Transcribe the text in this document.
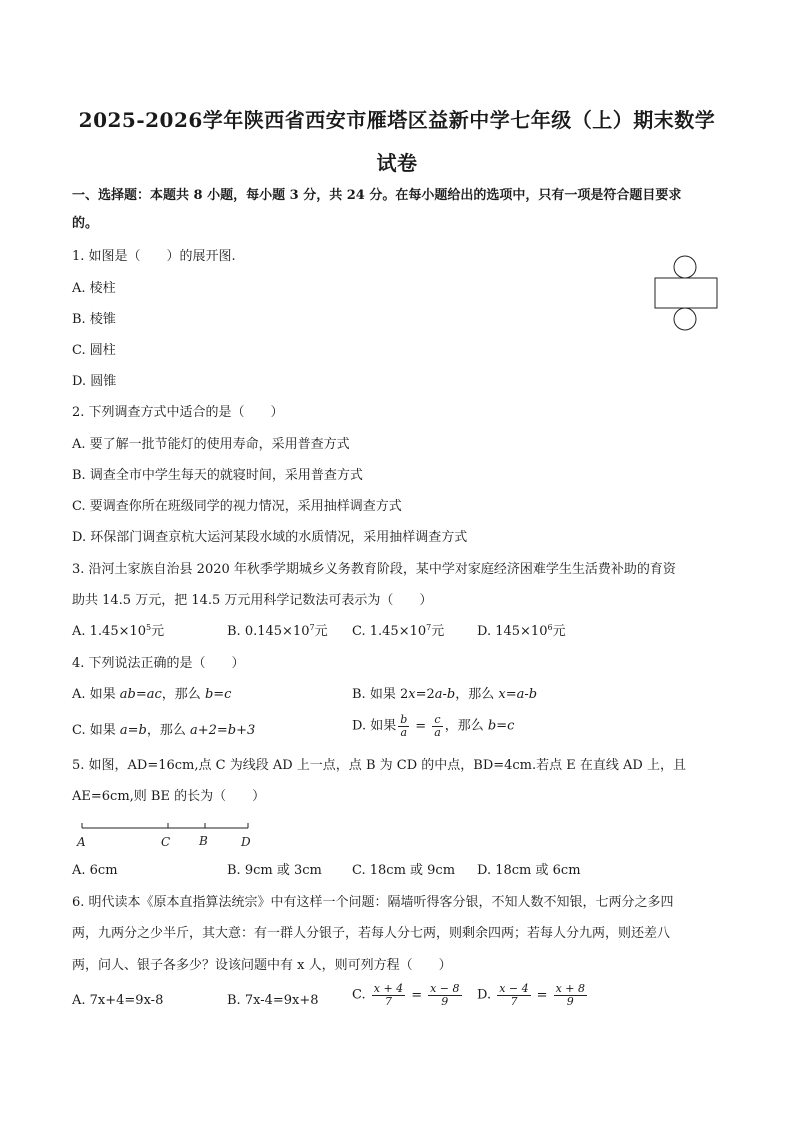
2025-2026学年陕西省西安市雁塔区益新中学七年级（上）期末数学
试卷
一、选择题：本题共 8 小题，每小题 3 分，共 24 分。在每小题给出的选项中，只有一项是符合题目要求
的。
1. 如图是（　　）的展开图.
A. 棱柱
B. 棱锥
C. 圆柱
D. 圆锥
2. 下列调查方式中适合的是（　　）
A. 要了解一批节能灯的使用寿命，采用普查方式
B. 调查全市中学生每天的就寝时间，采用普查方式
C. 要调查你所在班级同学的视力情况，采用抽样调查方式
D. 环保部门调查京杭大运河某段水域的水质情况，采用抽样调查方式
3. 沿河土家族自治县 2020 年秋季学期城乡义务教育阶段，某中学对家庭经济困难学生生活费补助的育资
助共 14.5 万元，把 14.5 万元用科学记数法可表示为（　　）
A. $1.45\times 10^5$元	B. $0.145\times 10^7$元 C. $1.45\times 10^7$元	D. $145\times 10^6$元
4. 下列说法正确的是（　　）
A. 如果 ab=ac，那么 b=c	B. 如果 2x=2a-b，那么 x=a-b
C. 如果 a=b，那么 a+2=b+3	D. 如果 $\frac{b}{a} = \frac{c}{a}$ ，那么 b=c
5. 如图，AD=16cm,点 C 为线段 AD 上一点，点 B 为 CD 的中点，BD=4cm.若点 E 在直线 AD 上，且
AE=6cm,则 BE 的长为（　　）
A	C B	D
A. 6cm	B. 9cm 或 3cm C. 18cm 或 9cm D. 18cm 或 6cm
6. 明代读本《原本直指算法统宗》中有这样一个问题：隔墙听得客分银，不知人数不知银，七两分之多四
两，九两分之少半斤，其大意：有一群人分银子，若每人分七两，则剩余四两；若每人分九两，则还差八
两，问人、银子各多少？设该问题中有 x 人，则可列方程（　　）
A. 7x+4=9x-8	B. 7x-4=9x+8	C. $\frac{x + 4}{7} = \frac{x - 8}{9} D$. $\frac{x - 4}{7} = \frac{x + 8}{9}$
